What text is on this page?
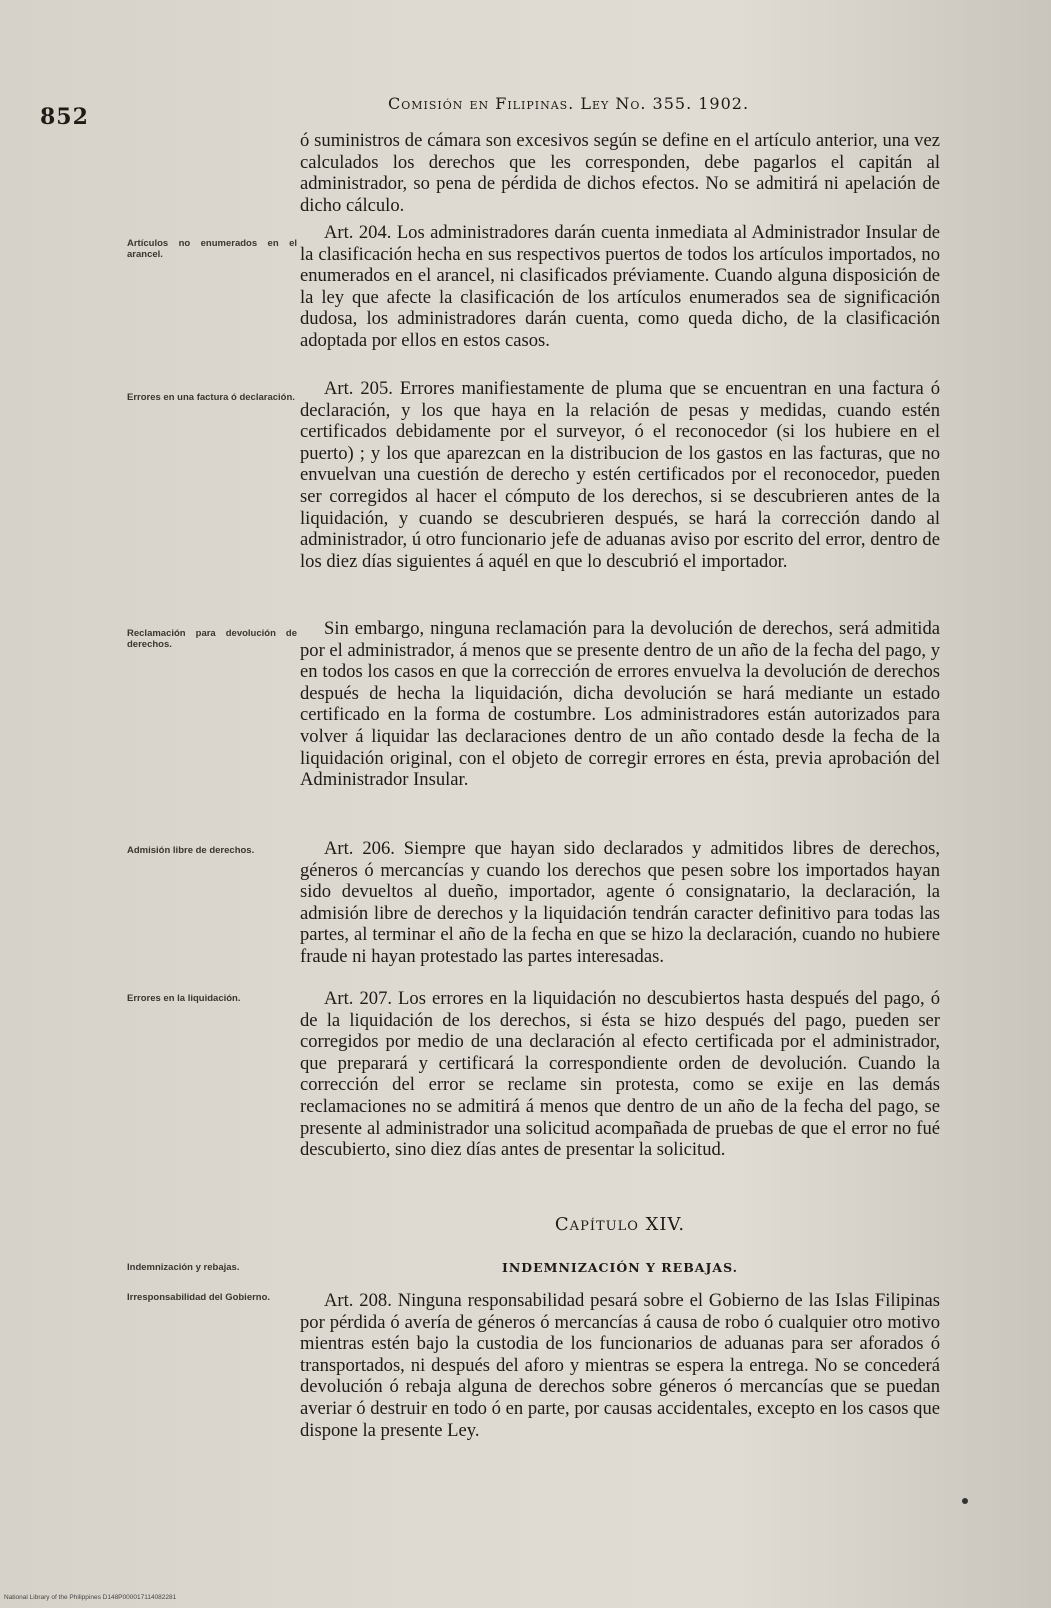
852
Comisión en Filipinas. Ley No. 355. 1902.

ó suministros de cámara son excesivos según se define en el artículo anterior, una vez calculados los derechos que les corresponden, debe pagarlos el capitán al administrador, so pena de pérdida de dichos efectos. No se admitirá ni apelación de dicho cálculo.

Artículos no enumerados en el arancel.

Art. 204. Los administradores darán cuenta inmediata al Administrador Insular de la clasificación hecha en sus respectivos puertos de todos los artículos importados, no enumerados en el arancel, ni clasificados préviamente. Cuando alguna disposición de la ley que afecte la clasificación de los artículos enumerados sea de significación dudosa, los administradores darán cuenta, como queda dicho, de la clasificación adoptada por ellos en estos casos.

Errores en una factura ó declaración.	Art. 205. Errores manifiestamente de pluma que se encuentran en una factura ó declaración, y los que haya en la relación de pesas y medidas, cuando estén certificados debidamente por el surveyor, ó el reconocedor (si los hubiere en el puerto) ; y los que aparezcan en la distribucion de los gastos en las facturas, que no envuelvan una cuestión de derecho y estén certificados por el reconocedor, pueden ser corregidos al hacer el cómputo de los derechos, si se descubrieren antes de la liquidación, y cuando se descubrieren después, se hará la corrección dando al administrador, ú otro funcionario jefe de aduanas aviso por escrito del error, dentro de los diez días siguientes á aquél en que lo descubrió el importador.

Reclamación para devolución de derechos.

Sin embargo, ninguna reclamación para la devolución de derechos, será admitida por el administrador, á menos que se presente dentro de un año de la fecha del pago, y en todos los casos en que la corrección de errores envuelva la devolución de derechos después de hecha la liquidación, dicha devolución se hará mediante un estado certificado en la forma de costumbre. Los administradores están autorizados para volver á liquidar las declaraciones dentro de un año contado desde la fecha de la liquidación original, con el objeto de corregir errores en ésta, previa aprobación del Administrador Insular.

Admisión libre de derechos.	Art. 206. Siempre que hayan sido declarados y admitidos libres de derechos, géneros ó mercancías y cuando los derechos que pesen sobre los importados hayan sido devueltos al dueño, importador, agente ó consignatario, la declaración, la admisión libre de derechos y la liquidación tendrán caracter definitivo para todas las partes, al terminar el año de la fecha en que se hizo la declaración, cuando no hubiere fraude ni hayan protestado las partes interesadas.

Errores en la liquidación.	Art. 207. Los errores en la liquidación no descubiertos hasta después del pago, ó de la liquidación de los derechos, si ésta se hizo después del pago, pueden ser corregidos por medio de una declaración al efecto certificada por el administrador, que preparará y certificará la correspondiente orden de devolución. Cuando la corrección del error se reclame sin protesta, como se exije en las demás reclamaciones no se admitirá á menos que dentro de un año de la fecha del pago, se presente al administrador una solicitud acompañada de pruebas de que el error no fué descubierto, sino diez días antes de presentar la solicitud.

Capítulo XIV.

Indemnización y rebajas.	INDEMNIZACIÓN Y REBAJAS.

Irresponsabilidad del Gobierno.	Art. 208. Ninguna responsabilidad pesará sobre el Gobierno de las Islas Filipinas por pérdida ó avería de géneros ó mercancías á causa de robo ó cualquier otro motivo mientras estén bajo la custodia de los funcionarios de aduanas para ser aforados ó transportados, ni después del aforo y mientras se espera la entrega. No se concederá devolución ó rebaja alguna de derechos sobre géneros ó mercancías que se puedan averiar ó destruir en todo ó en parte, por causas accidentales, excepto en los casos que dispone la presente Ley.

National Library of the Philippines D148P000017114082281
